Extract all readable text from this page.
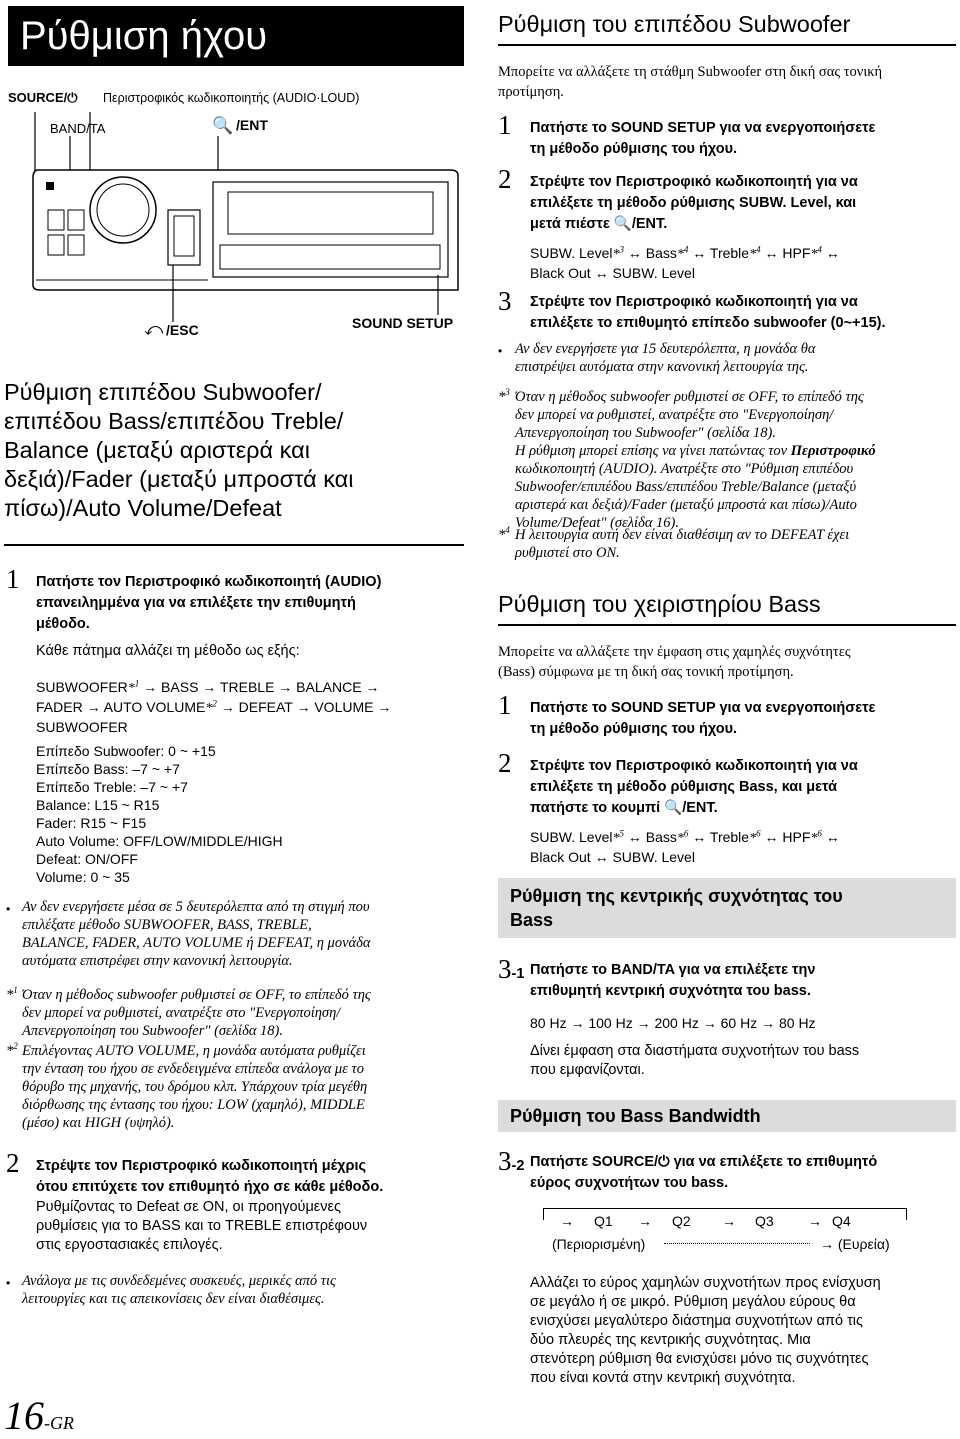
Ρύθμιση ήχου
SOURCE/⏻ Περιστροφικός κωδικοποιητής (AUDIO·LOUD)
BAND/TA	🔍 /ENT
⤺ /ESC	SOUND SETUP
Ρύθμιση επιπέδου Subwoofer/
επιπέδου Bass/επιπέδου Treble/
Balance (μεταξύ αριστερά και
δεξιά)/Fader (μεταξύ μπροστά και
πίσω)/Auto Volume/Defeat
1 Πατήστε τον Περιστροφικό κωδικοποιητή (AUDIO)
επανειλημμένα για να επιλέξετε την επιθυμητή
μέθοδο.
Κάθε πάτημα αλλάζει τη μέθοδο ως εξής:
SUBWOOFER*$^1$ → BASS → TREBLE → BALANCE →
FADER → AUTO VOLUME*$^2$ → DEFEAT → VOLUME →
SUBWOOFER
Επίπεδο Subwoofer: 0 ~ +15
Επίπεδο Bass: –7 ~ +7
Επίπεδο Treble: –7 ~ +7
Balance: L15 ~ R15
Fader: R15 ~ F15
Auto Volume: OFF/LOW/MIDDLE/HIGH
Defeat: ON/OFF
Volume: 0 ~ 35
• Αν δεν ενεργήσετε μέσα σε 5 δευτερόλεπτα από τη στιγμή που
επιλέξατε μέθοδο SUBWOOFER, BASS, TREBLE,
BALANCE, FADER, AUTO VOLUME ή DEFEAT, η μονάδα
αυτόματα επιστρέφει στην κανονική λειτουργία.
*$^1$ Όταν η μέθοδος subwoofer ρυθμιστεί σε OFF, το επίπεδό της
δεν μπορεί να ρυθμιστεί, ανατρέξτε στο "Ενεργοποίηση/
Απενεργοποίηση του Subwoofer" (σελίδα 18).
*$^2$ Επιλέγοντας AUTO VOLUME, η μονάδα αυτόματα ρυθμίζει
την ένταση του ήχου σε ενδεδειγμένα επίπεδα ανάλογα με το
θόρυβο της μηχανής, του δρόμου κλπ. Υπάρχουν τρία μεγέθη
διόρθωσης της έντασης του ήχου: LOW (χαμηλό), MIDDLE
(μέσο) και HIGH (υψηλό).
2 Στρέψτε τον Περιστροφικό κωδικοποιητή μέχρις
ότου επιτύχετε τον επιθυμητό ήχο σε κάθε μέθοδο.
Ρυθμίζοντας το Defeat σε ON, οι προηγούμενες
ρυθμίσεις για το BASS και το TREBLE επιστρέφουν
στις εργοστασιακές επιλογές.
• Ανάλογα με τις συνδεδεμένες συσκευές, μερικές από τις
λειτουργίες και τις απεικονίσεις δεν είναι διαθέσιμες.
16-GR
Ρύθμιση του επιπέδου Subwoofer
Μπορείτε να αλλάξετε τη στάθμη Subwoofer στη δική σας τονική
προτίμηση.
1 Πατήστε το SOUND SETUP για να ενεργοποιήσετε
τη μέθοδο ρύθμισης του ήχου.
2 Στρέψτε τον Περιστροφικό κωδικοποιητή για να
επιλέξετε τη μέθοδο ρύθμισης SUBW. Level, και
μετά πιέστε 🔍/ENT.
SUBW. Level*$^3$ ↔ Bass*$^4$ ↔ Treble*$^4$ ↔ HPF*$^4$ ↔
Black Out ↔ SUBW. Level
3 Στρέψτε τον Περιστροφικό κωδικοποιητή για να
επιλέξετε το επιθυμητό επίπεδο subwoofer (0~+15).
• Αν δεν ενεργήσετε για 15 δευτερόλεπτα, η μονάδα θα
επιστρέψει αυτόματα στην κανονική λειτουργία της.
*$^3$ Όταν η μέθοδος subwoofer ρυθμιστεί σε OFF, το επίπεδό της
δεν μπορεί να ρυθμιστεί, ανατρέξτε στο "Ενεργοποίηση/
Απενεργοποίηση του Subwoofer" (σελίδα 18).
Η ρύθμιση μπορεί επίσης να γίνει πατώντας τον Περιστροφικό
κωδικοποιητή (AUDIO). Ανατρέξτε στο "Ρύθμιση επιπέδου
Subwoofer/επιπέδου Bass/επιπέδου Treble/Balance (μεταξύ
αριστερά και δεξιά)/Fader (μεταξύ μπροστά και πίσω)/Auto
Volume/Defeat" (σελίδα 16).
*$^4$ Η λειτουργία αυτή δεν είναι διαθέσιμη αν το DEFEAT έχει
ρυθμιστεί στο ON.
Ρύθμιση του χειριστηρίου Bass
Μπορείτε να αλλάξετε την έμφαση στις χαμηλές συχνότητες
(Bass) σύμφωνα με τη δική σας τονική προτίμηση.
1 Πατήστε το SOUND SETUP για να ενεργοποιήσετε
τη μέθοδο ρύθμισης του ήχου.
2 Στρέψτε τον Περιστροφικό κωδικοποιητή για να
επιλέξετε τη μέθοδο ρύθμισης Bass, και μετά
πατήστε το κουμπί 🔍/ENT.
SUBW. Level*$^5$ ↔ Bass*$^6$ ↔ Treble*$^6$ ↔ HPF*$^6$ ↔
Black Out ↔ SUBW. Level
Ρύθμιση της κεντρικής συχνότητας του
Bass
3-1 Πατήστε το BAND/TA για να επιλέξετε την
επιθυμητή κεντρική συχνότητα του bass.
80 Hz → 100 Hz → 200 Hz → 60 Hz → 80 Hz
Δίνει έμφαση στα διαστήματα συχνοτήτων του bass
που εμφανίζονται.
Ρύθμιση του Bass Bandwidth
3-2 Πατήστε SOURCE/⏻ για να επιλέξετε το επιθυμητό
εύρος συχνοτήτων του bass.
→ Q1 → Q2 → Q3 → Q4
(Περιορισμένη)	→ (Ευρεία)
Αλλάζει το εύρος χαμηλών συχνοτήτων προς ενίσχυση
σε μεγάλο ή σε μικρό. Ρύθμιση μεγάλου εύρους θα
ενισχύσει μεγαλύτερο διάστημα συχνοτήτων από τις
δύο πλευρές της κεντρικής συχνότητας. Μια
στενότερη ρύθμιση θα ενισχύσει μόνο τις συχνότητες
που είναι κοντά στην κεντρική συχνότητα.
